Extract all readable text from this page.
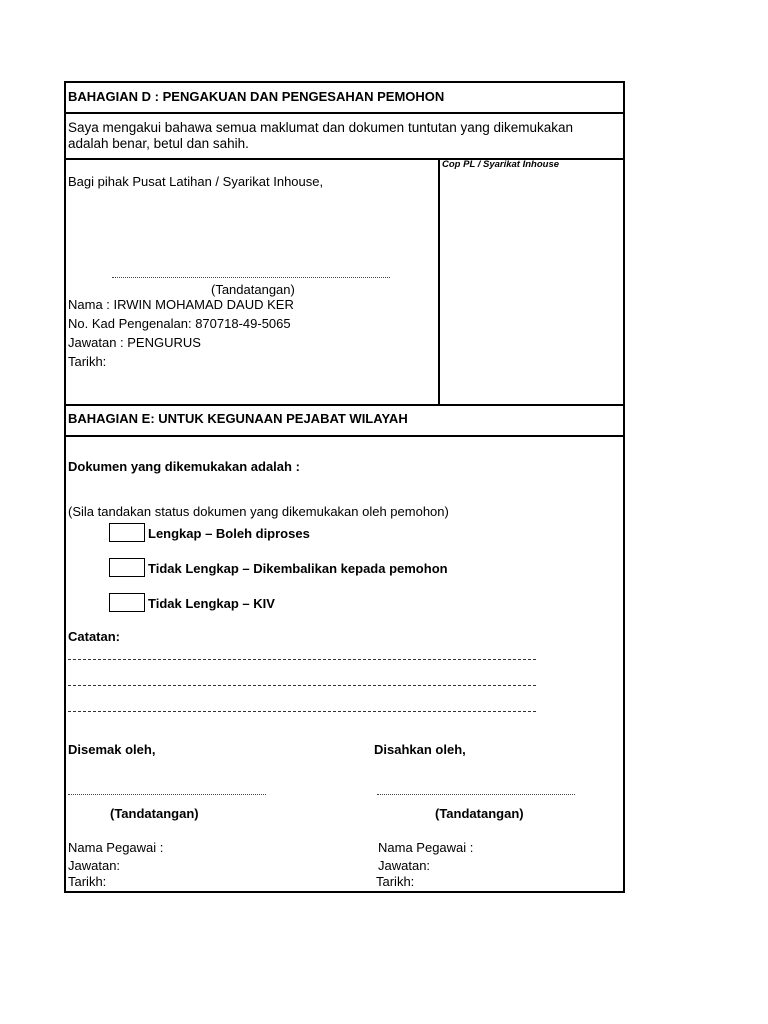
BAHAGIAN D : PENGAKUAN DAN PENGESAHAN PEMOHON
Saya mengakui bahawa semua maklumat dan dokumen tuntutan yang dikemukakan
adalah benar, betul dan sahih.
Bagi pihak Pusat Latihan / Syarikat Inhouse,
Cop PL / Syarikat Inhouse
(Tandatangan)
Nama : IRWIN MOHAMAD DAUD KER
No. Kad Pengenalan: 870718-49-5065
Jawatan : PENGURUS
Tarikh:
BAHAGIAN E: UNTUK KEGUNAAN PEJABAT WILAYAH
Dokumen yang dikemukakan adalah :
(Sila tandakan status dokumen yang dikemukakan oleh pemohon)
Lengkap – Boleh diproses
Tidak Lengkap – Dikembalikan kepada pemohon
Tidak Lengkap – KIV
Catatan:
Disemak oleh,	Disahkan oleh,
(Tandatangan)	(Tandatangan)
Nama Pegawai :	Nama Pegawai :
Jawatan:	Jawatan:
Tarikh:	Tarikh:
